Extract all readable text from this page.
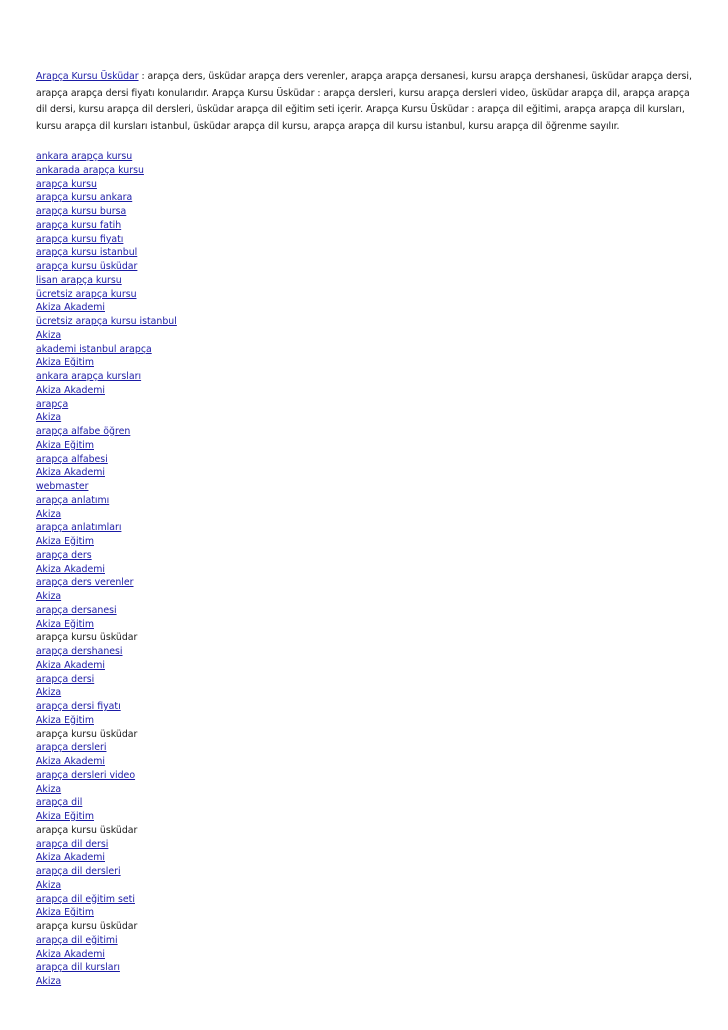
Arapça Kursu Üsküdar : arapça ders, üsküdar arapça ders verenler, arapça arapça dersanesi, kursu arapça dershanesi, üsküdar arapça dersi, arapça arapça dersi fiyatı konularıdır. Arapça Kursu Üsküdar : arapça dersleri, kursu arapça dersleri video, üsküdar arapça dil, arapça arapça dil dersi, kursu arapça dil dersleri, üsküdar arapça dil eğitim seti içerir. Arapça Kursu Üsküdar : arapça dil eğitimi, arapça arapça dil kursları, kursu arapça dil kursları istanbul, üsküdar arapça dil kursu, arapça arapça dil kursu istanbul, kursu arapça dil öğrenme sayılır.

ankara arapça kursu
ankarada arapça kursu
arapça kursu
arapça kursu ankara
arapça kursu bursa
arapça kursu fatih
arapça kursu fiyatı
arapça kursu istanbul
arapça kursu üsküdar
lisan arapça kursu
ücretsiz arapça kursu
Akiza Akademi
ücretsiz arapça kursu istanbul
Akiza
akademi istanbul arapça
Akiza Eğitim
ankara arapça kursları
Akiza Akademi
arapça
Akiza
arapça alfabe öğren
Akiza Eğitim
arapça alfabesi
Akiza Akademi
webmaster
arapça anlatımı
Akiza
arapça anlatımları
Akiza Eğitim
arapça ders
Akiza Akademi
arapça ders verenler
Akiza
arapça dersanesi
Akiza Eğitim
arapça kursu üsküdar
arapça dershanesi
Akiza Akademi
arapça dersi
Akiza
arapça dersi fiyatı
Akiza Eğitim
arapça kursu üsküdar
arapça dersleri
Akiza Akademi
arapça dersleri video
Akiza
arapça dil
Akiza Eğitim
arapça kursu üsküdar
arapça dil dersi
Akiza Akademi
arapça dil dersleri
Akiza
arapça dil eğitim seti
Akiza Eğitim
arapça kursu üsküdar
arapça dil eğitimi
Akiza Akademi
arapça dil kursları
Akiza
